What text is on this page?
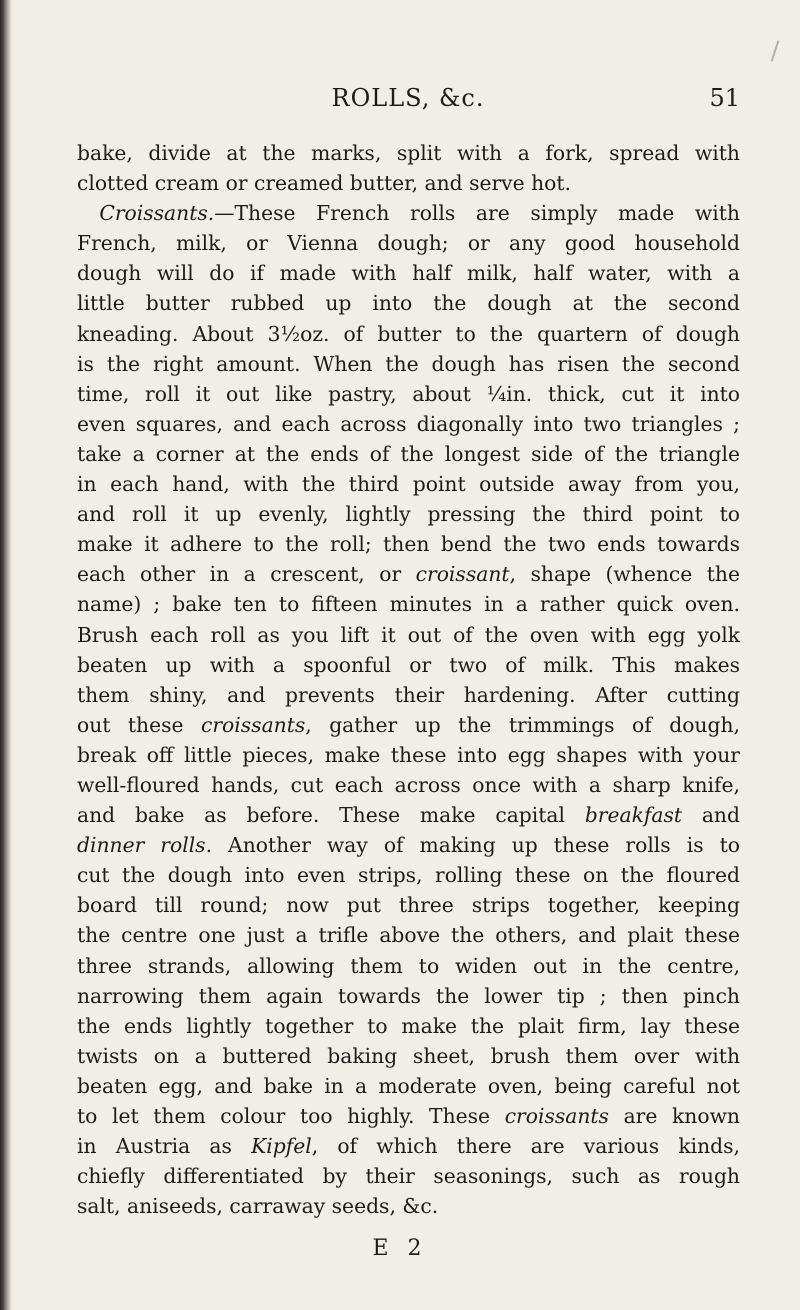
ROLLS, &c.	51
bake, divide at the marks, split with a fork, spread with
clotted cream or creamed butter, and serve hot.
Croissants.—These French rolls are simply made with
French, milk, or Vienna dough; or any good household
dough will do if made with half milk, half water, with a
little butter rubbed up into the dough at the second
kneading. About 3½oz. of butter to the quartern of dough
is the right amount. When the dough has risen the second
time, roll it out like pastry, about ¼in. thick, cut it into
even squares, and each across diagonally into two triangles ;
take a corner at the ends of the longest side of the triangle
in each hand, with the third point outside away from you,
and roll it up evenly, lightly pressing the third point to
make it adhere to the roll; then bend the two ends towards
each other in a crescent, or croissant, shape (whence the
name) ; bake ten to fifteen minutes in a rather quick oven.
Brush each roll as you lift it out of the oven with egg yolk
beaten up with a spoonful or two of milk. This makes
them shiny, and prevents their hardening. After cutting
out these croissants, gather up the trimmings of dough,
break off little pieces, make these into egg shapes with your
well-floured hands, cut each across once with a sharp knife,
and bake as before. These make capital breakfast and
dinner rolls. Another way of making up these rolls is to
cut the dough into even strips, rolling these on the floured
board till round; now put three strips together, keeping
the centre one just a trifle above the others, and plait these
three strands, allowing them to widen out in the centre,
narrowing them again towards the lower tip ; then pinch
the ends lightly together to make the plait firm, lay these
twists on a buttered baking sheet, brush them over with
beaten egg, and bake in a moderate oven, being careful not
to let them colour too highly. These croissants are known
in Austria as Kipfel, of which there are various kinds,
chiefly differentiated by their seasonings, such as rough
salt, aniseeds, carraway seeds, &c.
E 2
